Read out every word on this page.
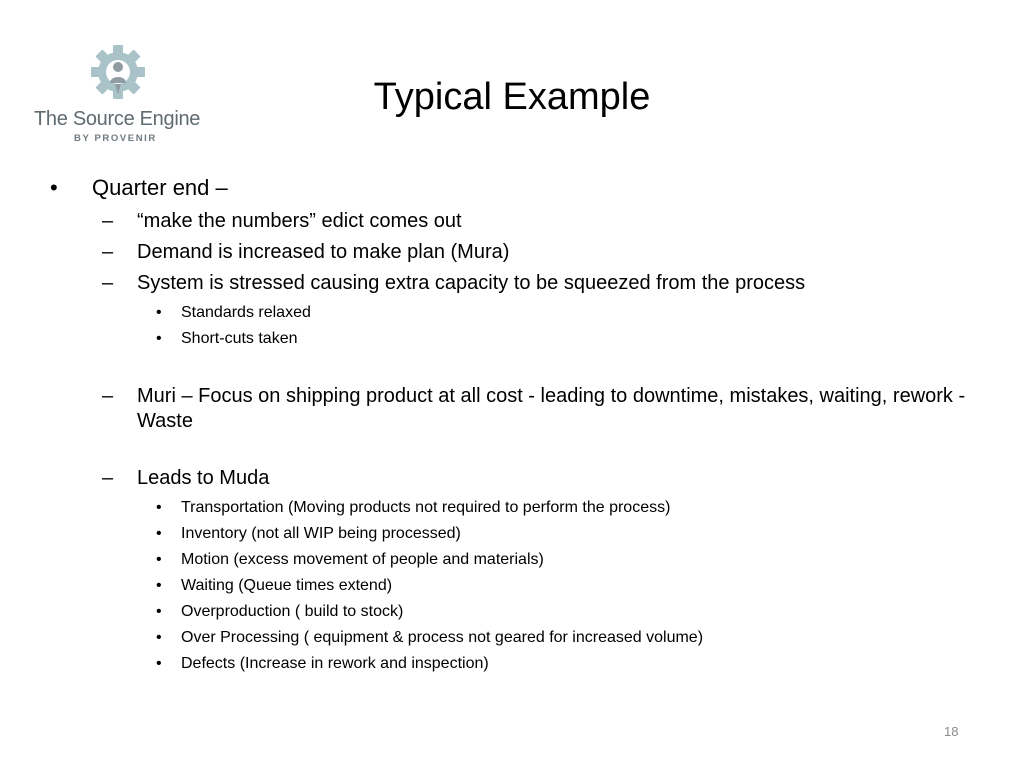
The Source Engine
BY PROVENIR
Typical Example
• Quarter end –
– “make the numbers” edict comes out
– Demand is increased to make plan (Mura)
– System is stressed causing extra capacity to be squeezed from the process
• Standards relaxed
• Short-cuts taken
– Muri – Focus on shipping product at all cost - leading to downtime, mistakes, waiting, rework - Waste
– Leads to Muda
• Transportation (Moving products not required to perform the process)
• Inventory (not all WIP being processed)
• Motion (excess movement of people and materials)
• Waiting (Queue times extend)
• Overproduction ( build to stock)
• Over Processing ( equipment & process not geared for increased volume)
• Defects (Increase in rework and inspection)
18
